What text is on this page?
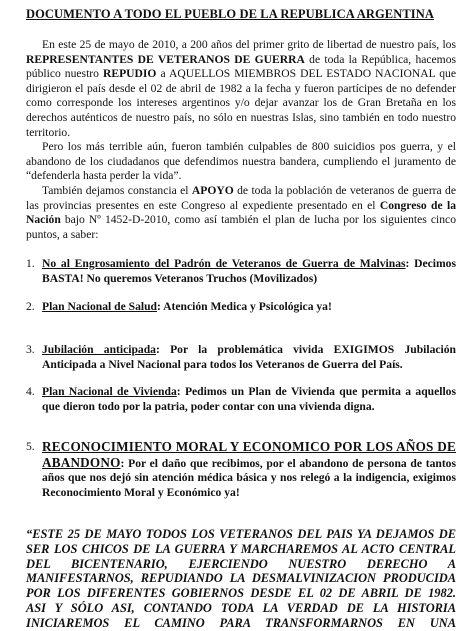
DOCUMENTO A TODO EL PUEBLO DE LA REPUBLICA ARGENTINA

En este 25 de mayo de 2010, a 200 años del primer grito de libertad de nuestro país, los REPRESENTANTES DE VETERANOS DE GUERRA de toda la República, hacemos público nuestro REPUDIO a AQUELLOS MIEMBROS DEL ESTADO NACIONAL que dirigieron el país desde el 02 de abril de 1982 a la fecha y fueron partícipes de no defender como corresponde los intereses argentinos y/o dejar avanzar los de Gran Bretaña en los derechos auténticos de nuestro país, no sólo en nuestras Islas, sino también en todo nuestro territorio.

Pero los más terrible aún, fueron también culpables de 800 suicidios pos guerra, y el abandono de los ciudadanos que defendimos nuestra bandera, cumpliendo el juramento de “defenderla hasta perder la vida”.

También dejamos constancia el APOYO de toda la población de veteranos de guerra de las provincias presentes en este Congreso al expediente presentado en el Congreso de la Nación bajo Nº 1452-D-2010, como así también el plan de lucha por los siguientes cinco puntos, a saber:

1. No al Engrosamiento del Padrón de Veteranos de Guerra de Malvinas: Decimos BASTA! No queremos Veteranos Truchos (Movilizados)
2. Plan Nacional de Salud: Atención Medica y Psicológica ya!
3. Jubilación anticipada: Por la problemática vivida EXIGIMOS Jubilación Anticipada a Nivel Nacional para todos los Veteranos de Guerra del País.
4. Plan Nacional de Vivienda: Pedimos un Plan de Vivienda que permita a aquellos que dieron todo por la patria, poder contar con una vivienda digna.
5. RECONOCIMIENTO MORAL Y ECONOMICO POR LOS AÑOS DE ABANDONO: Por el daño que recibimos, por el abandono de persona de tantos años que nos dejó sin atención médica básica y nos relegó a la indigencia, exigimos Reconocimiento Moral y Económico ya!

“ESTE 25 DE MAYO TODOS LOS VETERANOS DEL PAIS YA DEJAMOS DE

SER LOS CHICOS DE LA GUERRA Y MARCHAREMOS AL ACTO CENTRAL

DEL BICENTENARIO, EJERCIENDO NUESTRO DERECHO A

MANIFESTARNOS, REPUDIANDO LA DESMALVINIZACION PRODUCIDA

POR LOS DIFERENTES GOBIERNOS DESDE EL 02 DE ABRIL DE 1982.

ASI Y SÓLO ASI, CONTANDO TODA LA VERDAD DE LA HISTORIA

INICIAREMOS EL CAMINO PARA TRANSFORMARNOS EN UNA
